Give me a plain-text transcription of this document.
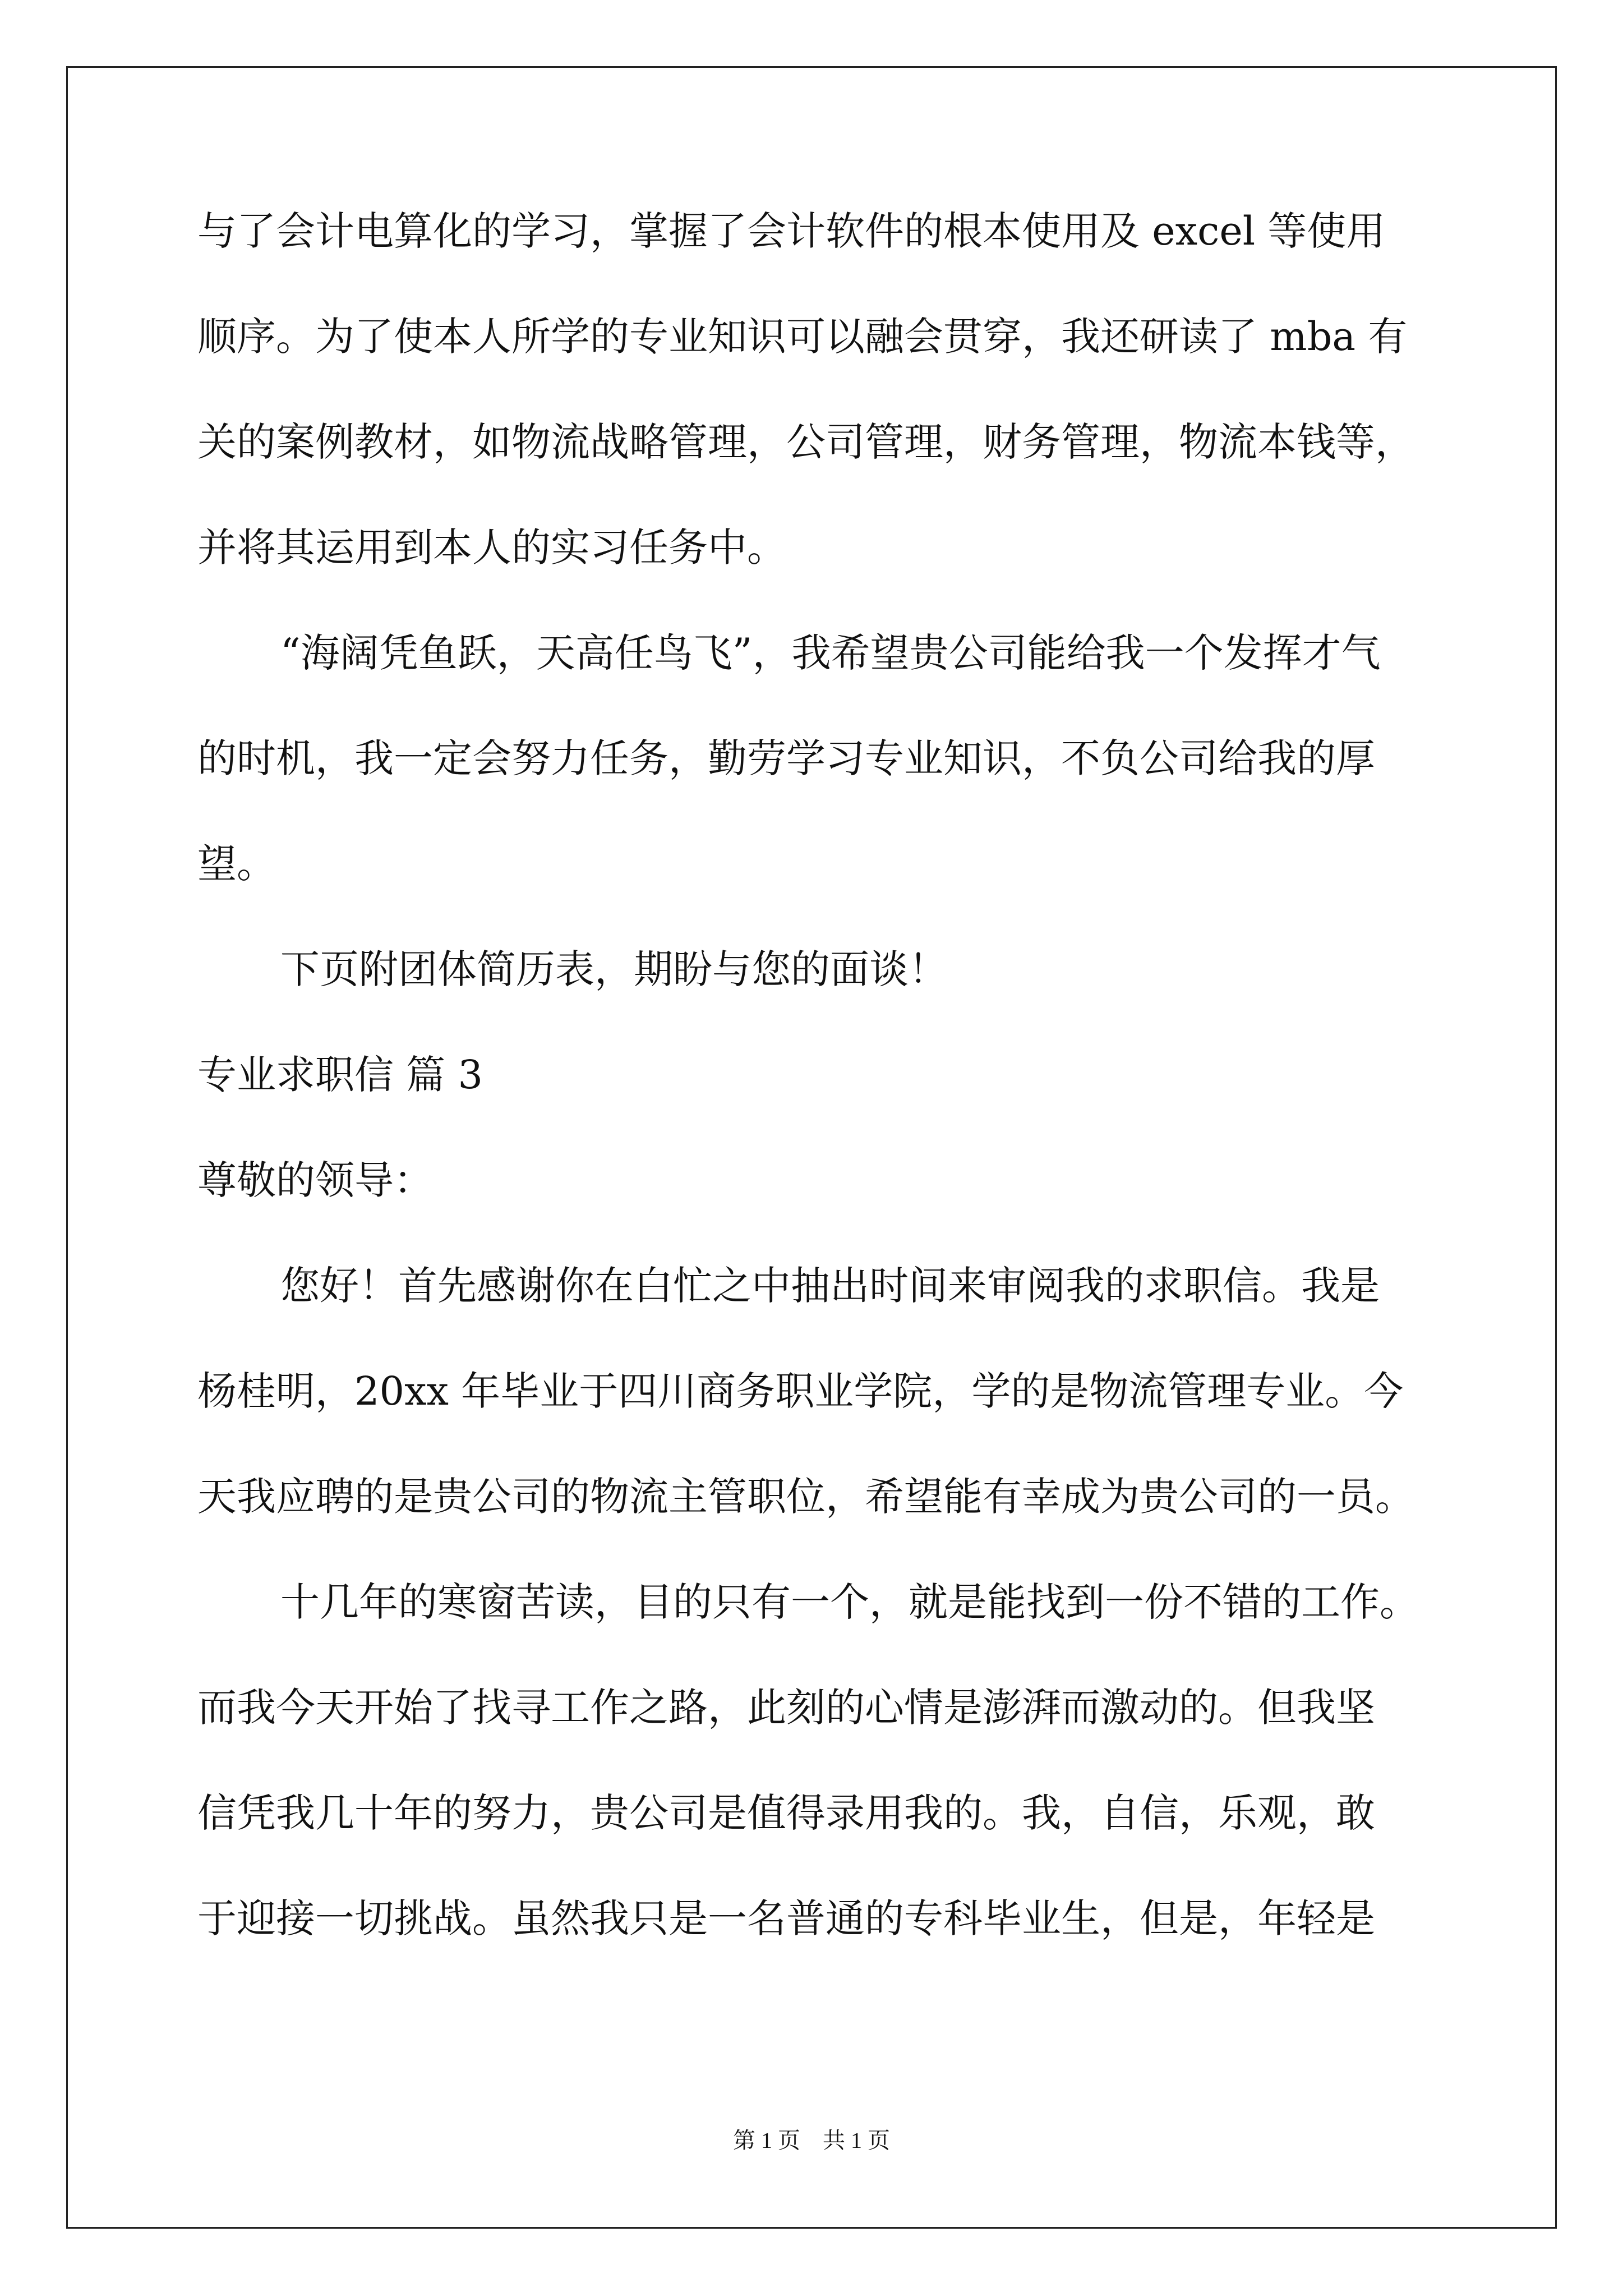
与了会计电算化的学习，掌握了会计软件的根本使用及 excel 等使用
顺序。为了使本人所学的专业知识可以融会贯穿，我还研读了 mba 有
关的案例教材，如物流战略管理，公司管理，财务管理，物流本钱等，
并将其运用到本人的实习任务中。
“海阔凭鱼跃，天高任鸟飞”，我希望贵公司能给我一个发挥才气
的时机，我一定会努力任务，勤劳学习专业知识，不负公司给我的厚
望。
下页附团体简历表，期盼与您的面谈！
专业求职信 篇 3
尊敬的领导：
您好！首先感谢你在白忙之中抽出时间来审阅我的求职信。我是
杨桂明，20xx 年毕业于四川商务职业学院，学的是物流管理专业。今
天我应聘的是贵公司的物流主管职位，希望能有幸成为贵公司的一员。
十几年的寒窗苦读，目的只有一个，就是能找到一份不错的工作。
而我今天开始了找寻工作之路，此刻的心情是澎湃而激动的。但我坚
信凭我几十年的努力，贵公司是值得录用我的。我，自信，乐观，敢
于迎接一切挑战。虽然我只是一名普通的专科毕业生，但是，年轻是
第 1 页　共 1 页
